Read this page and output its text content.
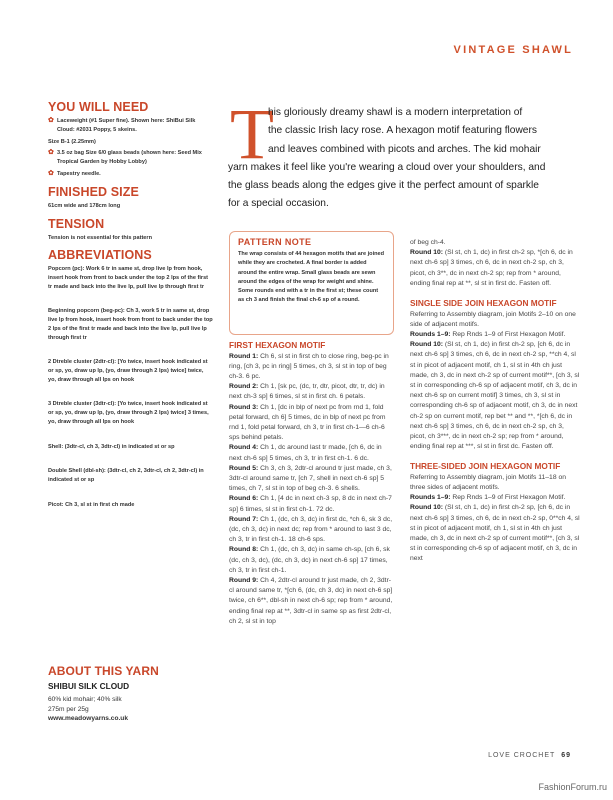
VINTAGE SHAWL
YOU WILL NEED
✿ Laceweight (#1 Super fine). Shown here: ShiBui Silk Cloud: #2031 Poppy, 5 skeins.
Size B-1 (2.25mm)
✿ 3.5 oz bag Size 6/0 glass beads (shown here: Seed Mix Tropical Garden by Hobby Lobby)
✿ Tapestry needle.
FINISHED SIZE

61cm wide and 178cm long

TENSION

Tension is not essential for this pattern

ABBREVIATIONS

Popcorn (pc): Work 6 tr in same st, drop live lp from hook, insert hook from front to back under the top 2 lps of the first tr made and back into the live lp, pull live lp through first tr

Beginning popcorn (beg-pc): Ch 3, work 5 tr in same st, drop live lp from hook, insert hook from front to back under the top 2 lps of the first tr made and back into the live lp, pull live lp through first tr

2 Dtreble cluster (2dtr-cl): [Yo twice, insert hook indicated st or sp, yo, draw up lp, (yo, draw through 2 lps) twice] twice, yo, draw through all lps on hook

3 Dtreble cluster (3dtr-cl): [Yo twice, insert hook indicated st or sp, yo, draw up lp, (yo, draw through 2 lps) twice] 3 times, yo, draw through all lps on hook

Shell: (3dtr-cl, ch 3, 3dtr-cl) in indicated st or sp

Double Shell (dbl-sh): (3dtr-cl, ch 2, 3dtr-cl, ch 2, 3dtr-cl) in indicated st or sp

Picot: Ch 3, sl st in first ch made

ABOUT THIS YARN
SHIBUI SILK CLOUD

60% kid mohair; 40% silk

275m per 25g

www.meadowyarns.co.uk

T

his gloriously dreamy shawl is a modern interpretation of

the classic Irish lacy rose. A hexagon motif featuring flowers

and leaves combined with picots and arches. The kid mohair

yarn makes it feel like you're wearing a cloud over your shoulders, and

the glass beads along the edges give it the perfect amount of sparkle

for a special occasion.

PATTERN NOTE

The wrap consists of 44 hexagon motifs that are joined while they are crocheted. A final border is added around the entire wrap. Small glass beads are sewn around the edges of the wrap for weight and shine. Some rounds end with a tr in the first st; these count as ch 3 and finish the final ch-6 sp of a round.

FIRST HEXAGON MOTIF

Round 1: Ch 6, sl st in first ch to close ring, beg-pc in ring, [ch 3, pc in ring] 5 times, ch 3, sl st in top of beg ch-3. 6 pc.

Round 2: Ch 1, [sk pc, (dc, tr, dtr, picot, dtr, tr, dc) in next ch-3 sp] 6 times, sl st in first ch. 6 petals.

Round 3: Ch 1, [dc in blp of next pc from rnd 1, fold petal forward, ch 6] 5 times, dc in blp of next pc from rnd 1, fold petal forward, ch 3, tr in first ch-1—6 ch-6 sps behind petals.

Round 4: Ch 1, dc around last tr made, [ch 6, dc in next ch-6 sp] 5 times, ch 3, tr in first ch-1. 6 dc.

Round 5: Ch 3, ch 3, 2dtr-cl around tr just made, ch 3, 3dtr-cl around same tr, [ch 7, shell in next ch-6 sp] 5 times, ch 7, sl st in top of beg ch-3. 6 shells.

Round 6: Ch 1, [4 dc in next ch-3 sp, 8 dc in next ch-7 sp] 6 times, sl st in first ch-1. 72 dc.

Round 7: Ch 1, (dc, ch 3, dc) in first dc, *ch 6, sk 3 dc, (dc, ch 3, dc) in next dc; rep from * around to last 3 dc, ch 3, tr in first ch-1. 18 ch-6 sps.

Round 8: Ch 1, (dc, ch 3, dc) in same ch-sp, [ch 6, sk (dc, ch 3, dc), (dc, ch 3, dc) in next ch-6 sp] 17 times, ch 3, tr in first ch-1.

Round 9: Ch 4, 2dtr-cl around tr just made, ch 2, 3dtr-cl around same tr, *[ch 6, (dc, ch 3, dc) in next ch-6 sp] twice, ch 6**, dbl-sh in next ch-6 sp; rep from * around, ending final rep at **, 3dtr-cl in same sp as first 2dtr-cl, ch 2, sl st in top

of beg ch-4.

Round 10: (Sl st, ch 1, dc) in first ch-2 sp, *[ch 6, dc in next ch-6 sp] 3 times, ch 6, dc in next ch-2 sp, ch 3, picot, ch 3**, dc in next ch-2 sp; rep from * around, ending final rep at **, sl st in first dc. Fasten off.

SINGLE SIDE JOIN HEXAGON MOTIF

Referring to Assembly diagram, join Motifs 2–10 on one side of adjacent motifs.

Rounds 1–9: Rep Rnds 1–9 of First Hexagon Motif.

Round 10: (Sl st, ch 1, dc) in first ch-2 sp, [ch 6, dc in next ch-6 sp] 3 times, ch 6, dc in next ch-2 sp, **ch 4, sl st in picot of adjacent motif, ch 1, sl st in 4th ch just made, ch 3, dc in next ch-2 sp of current motif**, [ch 3, sl st in corresponding ch-6 sp of adjacent motif, ch 3, dc in next ch-6 sp on current motif] 3 times, ch 3, sl st in corresponding ch-6 sp of adjacent motif, ch 3, dc in next ch-2 sp on current motif, rep bet ** and **, *[ch 6, dc in next ch-6 sp] 3 times, ch 6, dc in next ch-2 sp, ch 3, picot, ch 3***, dc in next ch-2 sp; rep from * around, ending final rep at ***, sl st in first dc. Fasten off.

THREE-SIDED JOIN HEXAGON MOTIF

Referring to Assembly diagram, join Motifs 11–18 on three sides of adjacent motifs.

Rounds 1–9: Rep Rnds 1–9 of First Hexagon Motif.

Round 10: (Sl st, ch 1, dc) in first ch-2 sp, [ch 6, dc in next ch-6 sp] 3 times, ch 6, dc in next ch-2 sp, 0**ch 4, sl st in picot of adjacent motif, ch 1, sl st in 4th ch just made, ch 3, dc in next ch-2 sp of current motif**, [ch 3, sl st in corresponding ch-6 sp of adjacent motif, ch 3, dc in next

LOVE CROCHET 69
FashionForum.ru
